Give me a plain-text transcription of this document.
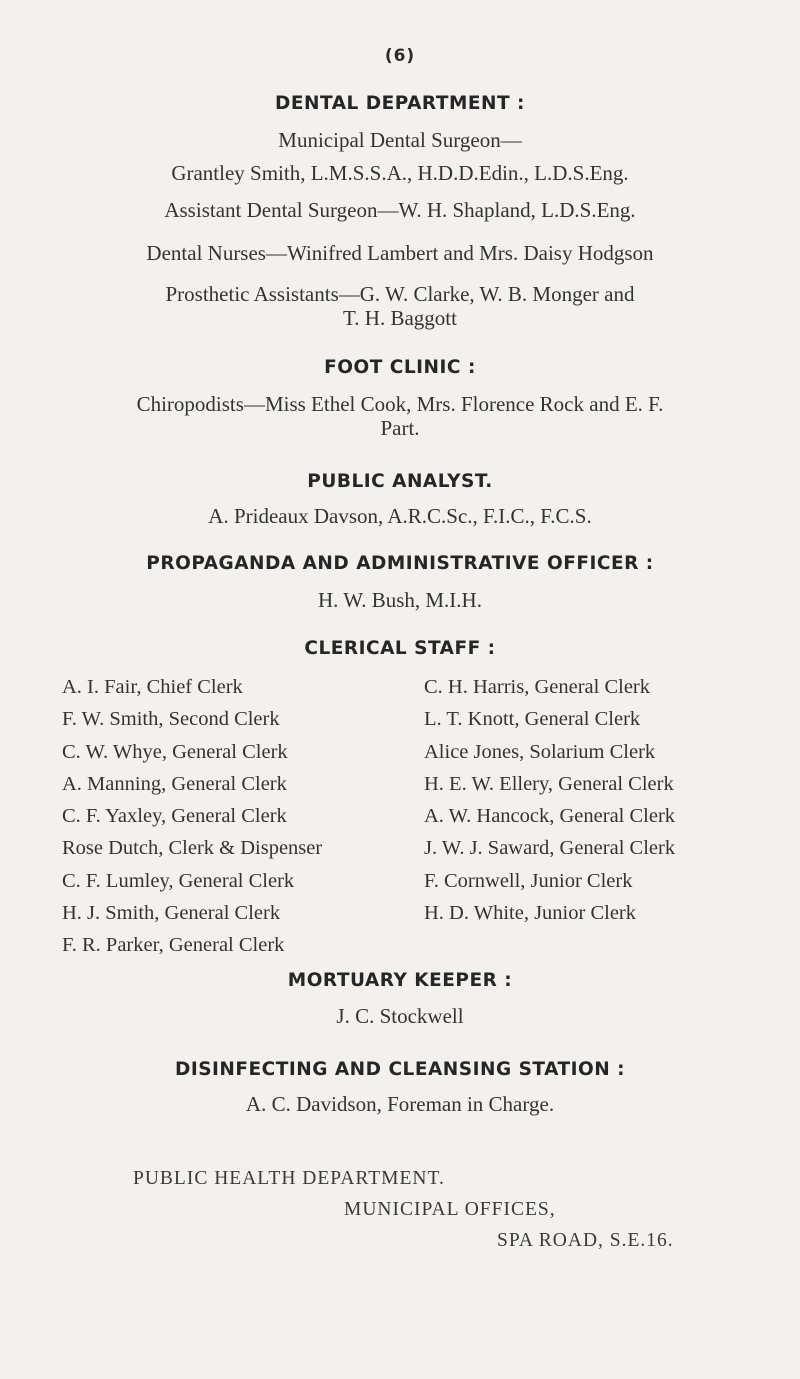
(6)
DENTAL DEPARTMENT :
Municipal Dental Surgeon—
Grantley Smith, L.M.S.S.A., H.D.D.Edin., L.D.S.Eng.
Assistant Dental Surgeon—W. H. Shapland, L.D.S.Eng.
Dental Nurses—Winifred Lambert and Mrs. Daisy Hodgson
Prosthetic Assistants—G. W. Clarke, W. B. Monger and
T. H. Baggott
FOOT CLINIC :
Chiropodists—Miss Ethel Cook, Mrs. Florence Rock and E. F.
Part.
PUBLIC ANALYST.
A. Prideaux Davson, A.R.C.Sc., F.I.C., F.C.S.
PROPAGANDA AND ADMINISTRATIVE OFFICER :
H. W. Bush, M.I.H.
CLERICAL STAFF :
A. I. Fair, Chief Clerk
F. W. Smith, Second Clerk
C. W. Whye, General Clerk
A. Manning, General Clerk
C. F. Yaxley, General Clerk
Rose Dutch, Clerk & Dispenser
C. F. Lumley, General Clerk
H. J. Smith, General Clerk
F. R. Parker, General Clerk
C. H. Harris, General Clerk
L. T. Knott, General Clerk
Alice Jones, Solarium Clerk
H. E. W. Ellery, General Clerk
A. W. Hancock, General Clerk
J. W. J. Saward, General Clerk
F. Cornwell, Junior Clerk
H. D. White, Junior Clerk
MORTUARY KEEPER :
J. C. Stockwell
DISINFECTING AND CLEANSING STATION :
A. C. Davidson, Foreman in Charge.
PUBLIC HEALTH DEPARTMENT.
MUNICIPAL OFFICES,
SPA ROAD, S.E.16.
